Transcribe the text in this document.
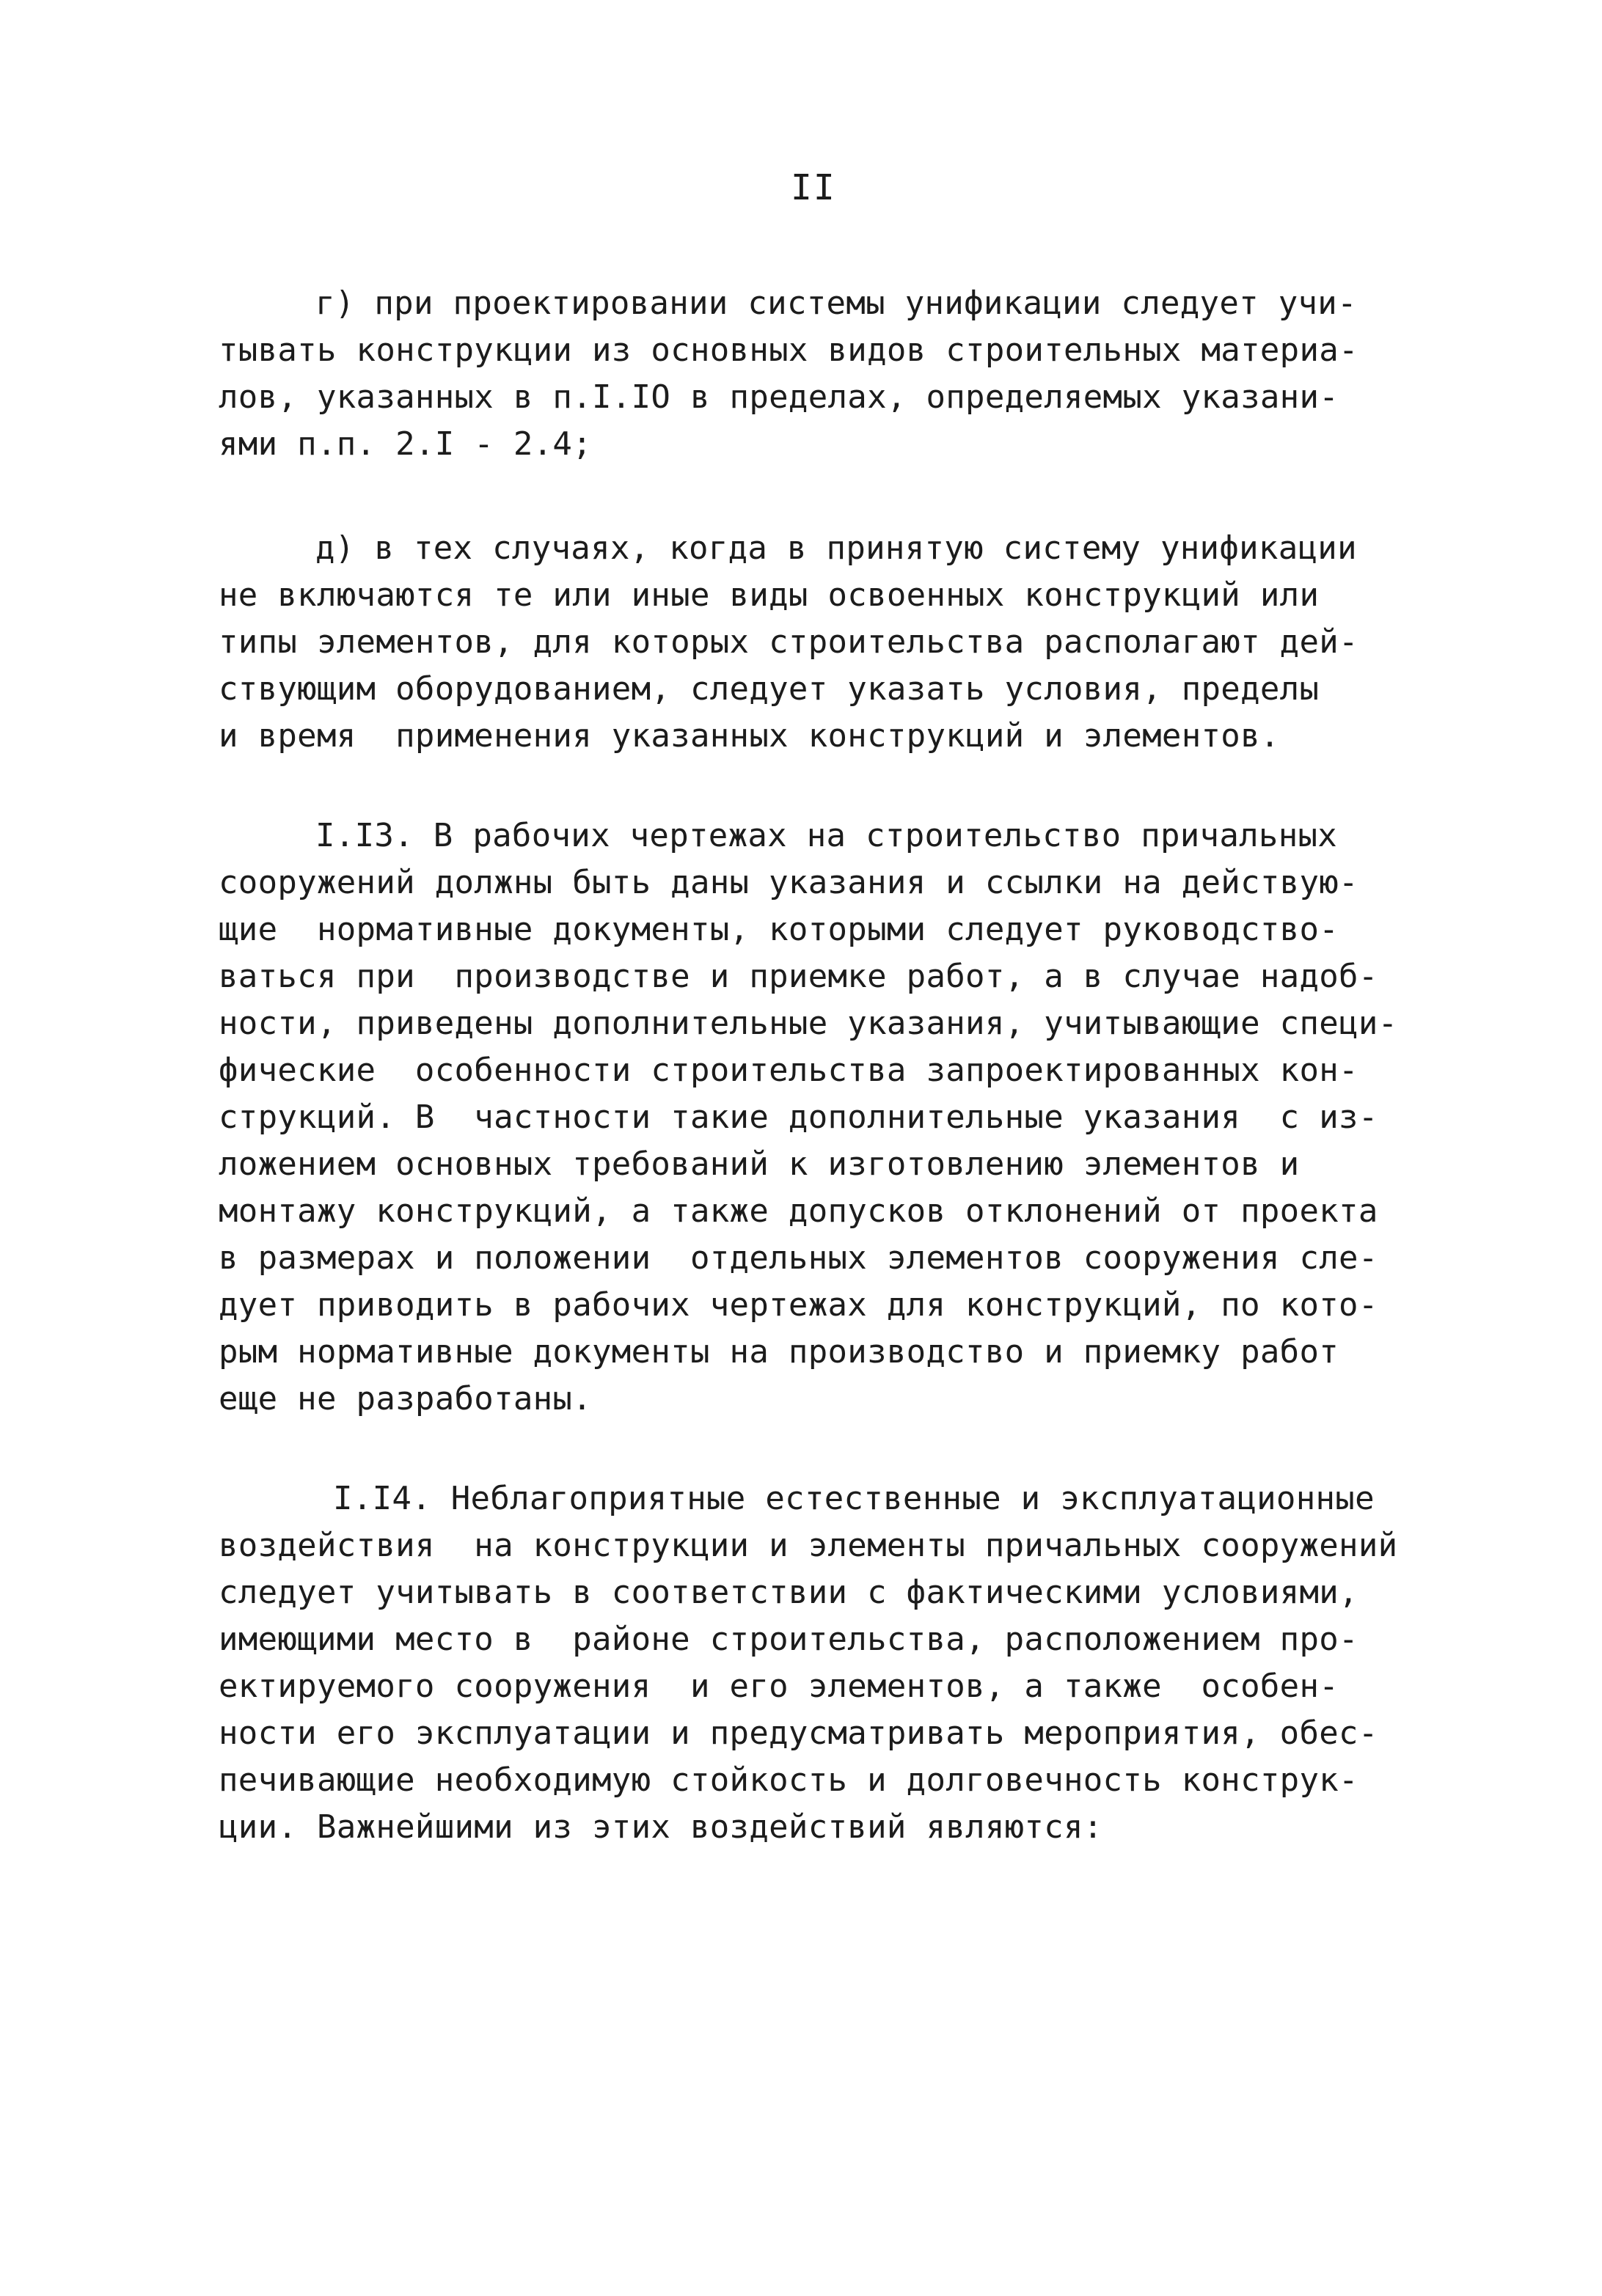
II

г) при проектировании системы унификации следует учи-

тывать конструкции из основных видов строительных материа-

лов, указанных в п.I.IO в пределах, определяемых указани-

ями п.п. 2.I - 2.4;

д) в тех случаях, когда в принятую систему унификации

не включаются те или иные виды освоенных конструкций или

типы элементов, для которых строительства располагают дей-

ствующим оборудованием, следует указать условия, пределы

и время  применения указанных конструкций и элементов.

I.I3. В рабочих чертежах на строительство причальных

сооружений должны быть даны указания и ссылки на действую-

щие  нормативные документы, которыми следует руководство-

ваться при  производстве и приемке работ, а в случае надоб-

ности, приведены дополнительные указания, учитывающие специ-

фические  особенности строительства запроектированных кон-

струкций. В  частности такие дополнительные указания  с из-

ложением основных требований к изготовлению элементов и

монтажу конструкций, а также допусков отклонений от проекта

в размерах и положении  отдельных элементов сооружения сле-

дует приводить в рабочих чертежах для конструкций, по кото-

рым нормативные документы на производство и приемку работ

еще не разработаны.

I.I4. Неблагоприятные естественные и эксплуатационные

воздействия  на конструкции и элементы причальных сооружений

следует учитывать в соответствии с фактическими условиями,

имеющими место в  районе строительства, расположением про-

ектируемого сооружения  и его элементов, а также  особен-

ности его эксплуатации и предусматривать мероприятия, обес-

печивающие необходимую стойкость и долговечность конструк-

ции. Важнейшими из этих воздействий являются:
